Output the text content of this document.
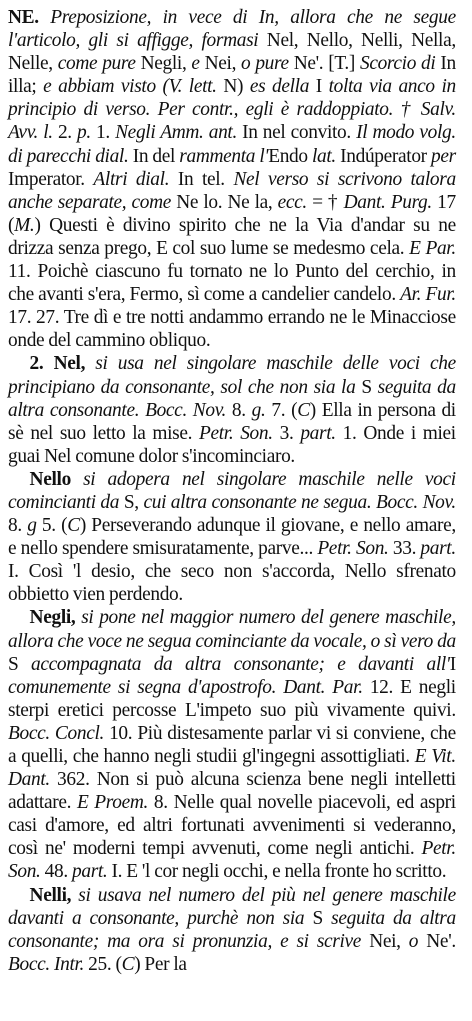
NE. Preposizione, in vece di In, allora che ne segue l'articolo, gli si affigge, formasi Nel, Nello, Nelli, Nella, Nelle, come pure Negli, e Nei, o pure Ne'. [T.] Scorcio di In illa; e abbiam visto (V. lett. N) es della I tolta via anco in principio di verso. Per contr., egli è raddoppiato. † Salv. Avv. l. 2. p. 1. Negli Amm. ant. In nel convito. Il modo volg. di parecchi dial. In del rammenta l'Endo lat. Indúperator per Imperator. Altri dial. In tel. Nel verso si scrivono talora anche separate, come Ne lo. Ne la, ecc. = † Dant. Purg. 17 (M.) Questi è divino spirito che ne la Via d'andar su ne drizza senza prego, E col suo lume se medesmo cela. E Par. 11. Poichè ciascuno fu tornato ne lo Punto del cerchio, in che avanti s'era, Fermo, sì come a candelier candelo. Ar. Fur. 17. 27. Tre dì e tre notti andammo errando ne le Minacciose onde del cammino obliquo.

2. Nel, si usa nel singolare maschile delle voci che principiano da consonante, sol che non sia la S seguita da altra consonante. Bocc. Nov. 8. g. 7. (C) Ella in persona di sè nel suo letto la mise. Petr. Son. 3. part. 1. Onde i miei guai Nel comune dolor s'incominciaro.

Nello si adopera nel singolare maschile nelle voci comincianti da S, cui altra consonante ne segua. Bocc. Nov. 8. g 5. (C) Perseverando adunque il giovane, e nello amare, e nello spendere smisuratamente, parve... Petr. Son. 33. part. I. Così 'l desio, che seco non s'accorda, Nello sfrenato obbietto vien perdendo.

Negli, si pone nel maggior numero del genere maschile, allora che voce ne segua cominciante da vocale, o sì vero da S accompagnata da altra consonante; e davanti all'I comunemente si segna d'apostrofo. Dant. Par. 12. E negli sterpi eretici percosse L'impeto suo più vivamente quivi. Bocc. Concl. 10. Più distesamente parlar vi si conviene, che a quelli, che hanno negli studii gl'ingegni assottigliati. E Vit. Dant. 362. Non si può alcuna scienza bene negli intelletti adattare. E Proem. 8. Nelle qual novelle piacevoli, ed aspri casi d'amore, ed altri fortunati avvenimenti si vederanno, così ne' moderni tempi avvenuti, come negli antichi. Petr. Son. 48. part. I. E 'l cor negli occhi, e nella fronte ho scritto.

Nelli, si usava nel numero del più nel genere maschile davanti a consonante, purchè non sia S seguita da altra consonante; ma ora si pronunzia, e si scrive Nei, o Ne'. Bocc. Intr. 25. (C) Per la
